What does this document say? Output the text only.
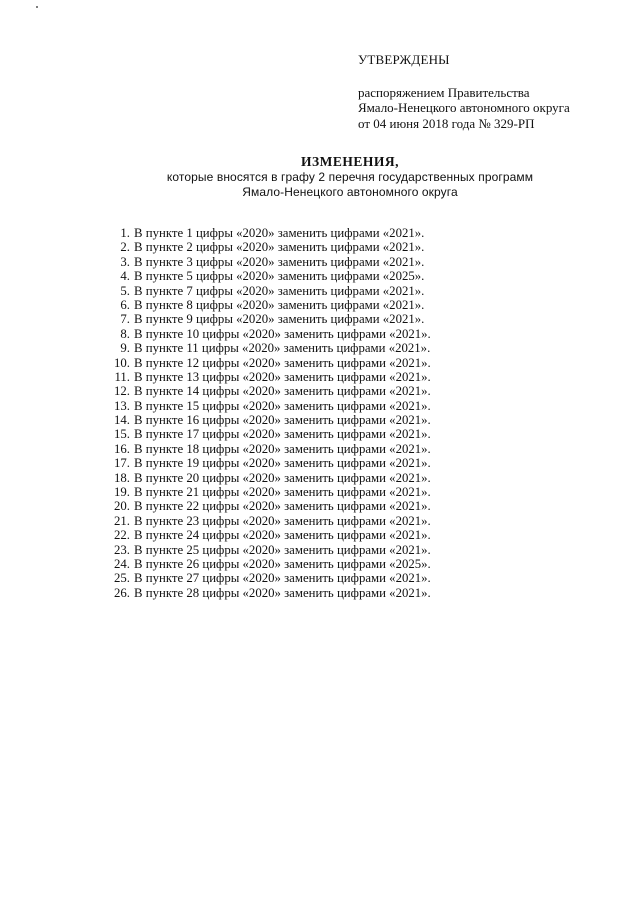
УТВЕРЖДЕНЫ
распоряжением Правительства
Ямало-Ненецкого автономного округа
от 04 июня 2018 года № 329-РП
ИЗМЕНЕНИЯ,
которые вносятся в графу 2 перечня государственных программ
Ямало-Ненецкого автономного округа
1. В пункте 1 цифры «2020» заменить цифрами «2021».
2. В пункте 2 цифры «2020» заменить цифрами «2021».
3. В пункте 3 цифры «2020» заменить цифрами «2021».
4. В пункте 5 цифры «2020» заменить цифрами «2025».
5. В пункте 7 цифры «2020» заменить цифрами «2021».
6. В пункте 8 цифры «2020» заменить цифрами «2021».
7. В пункте 9 цифры «2020» заменить цифрами «2021».
8. В пункте 10 цифры «2020» заменить цифрами «2021».
9. В пункте 11 цифры «2020» заменить цифрами «2021».
10. В пункте 12 цифры «2020» заменить цифрами «2021».
11. В пункте 13 цифры «2020» заменить цифрами «2021».
12. В пункте 14 цифры «2020» заменить цифрами «2021».
13. В пункте 15 цифры «2020» заменить цифрами «2021».
14. В пункте 16 цифры «2020» заменить цифрами «2021».
15. В пункте 17 цифры «2020» заменить цифрами «2021».
16. В пункте 18 цифры «2020» заменить цифрами «2021».
17. В пункте 19 цифры «2020» заменить цифрами «2021».
18. В пункте 20 цифры «2020» заменить цифрами «2021».
19. В пункте 21 цифры «2020» заменить цифрами «2021».
20. В пункте 22 цифры «2020» заменить цифрами «2021».
21. В пункте 23 цифры «2020» заменить цифрами «2021».
22. В пункте 24 цифры «2020» заменить цифрами «2021».
23. В пункте 25 цифры «2020» заменить цифрами «2021».
24. В пункте 26 цифры «2020» заменить цифрами «2025».
25. В пункте 27 цифры «2020» заменить цифрами «2021».
26. В пункте 28 цифры «2020» заменить цифрами «2021».
